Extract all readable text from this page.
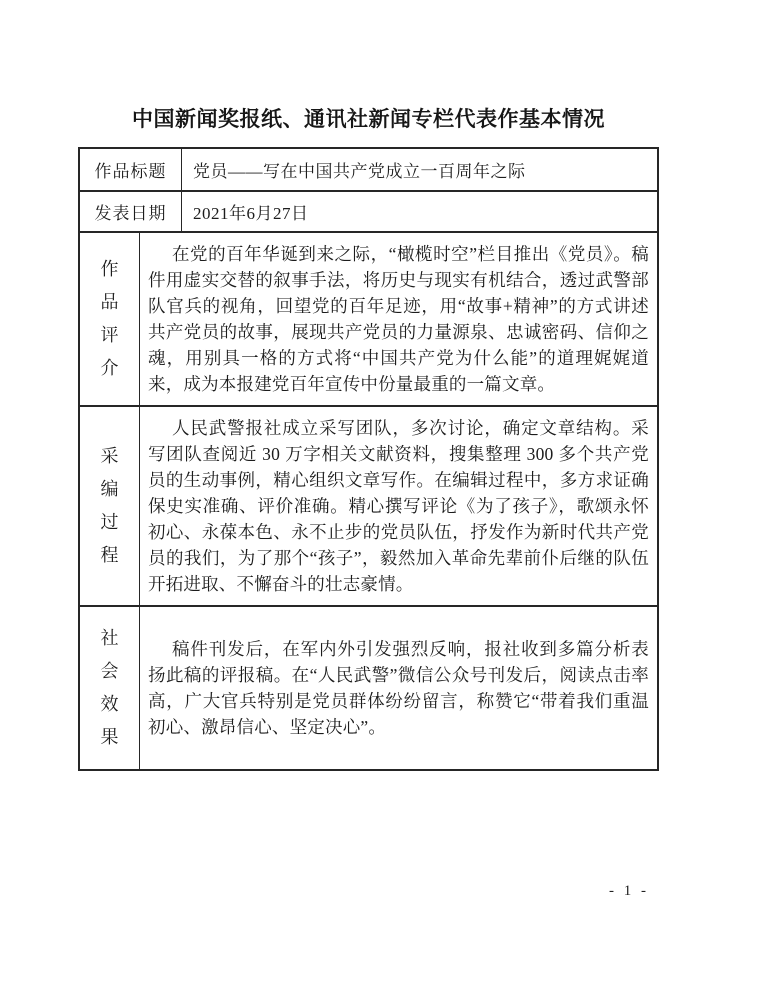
中国新闻奖报纸、通讯社新闻专栏代表作基本情况
作品标题	党员——写在中国共产党成立一百周年之际
发表日期	2021年6月27日
作
品
评
介

在党的百年华诞到来之际，“橄榄时空”栏目推出《党员》。稿件用虚实交替的叙事手法，将历史与现实有机结合，透过武警部队官兵的视角，回望党的百年足迹，用“故事+精神”的方式讲述共产党员的故事，展现共产党员的力量源泉、忠诚密码、信仰之魂，用别具一格的方式将“中国共产党为什么能”的道理娓娓道来，成为本报建党百年宣传中份量最重的一篇文章。

采
编
过
程

人民武警报社成立采写团队，多次讨论，确定文章结构。采写团队查阅近 30 万字相关文献资料，搜集整理 300 多个共产党员的生动事例，精心组织文章写作。在编辑过程中，多方求证确保史实准确、评价准确。精心撰写评论《为了孩子》，歌颂永怀初心、永葆本色、永不止步的党员队伍，抒发作为新时代共产党员的我们，为了那个“孩子”，毅然加入革命先辈前仆后继的队伍开拓进取、不懈奋斗的壮志豪情。

社
会
效
果

稿件刊发后，在军内外引发强烈反响，报社收到多篇分析表扬此稿的评报稿。在“人民武警”微信公众号刊发后，阅读点击率高，广大官兵特别是党员群体纷纷留言，称赞它“带着我们重温初心、激昂信心、坚定决心”。

- 1 -
